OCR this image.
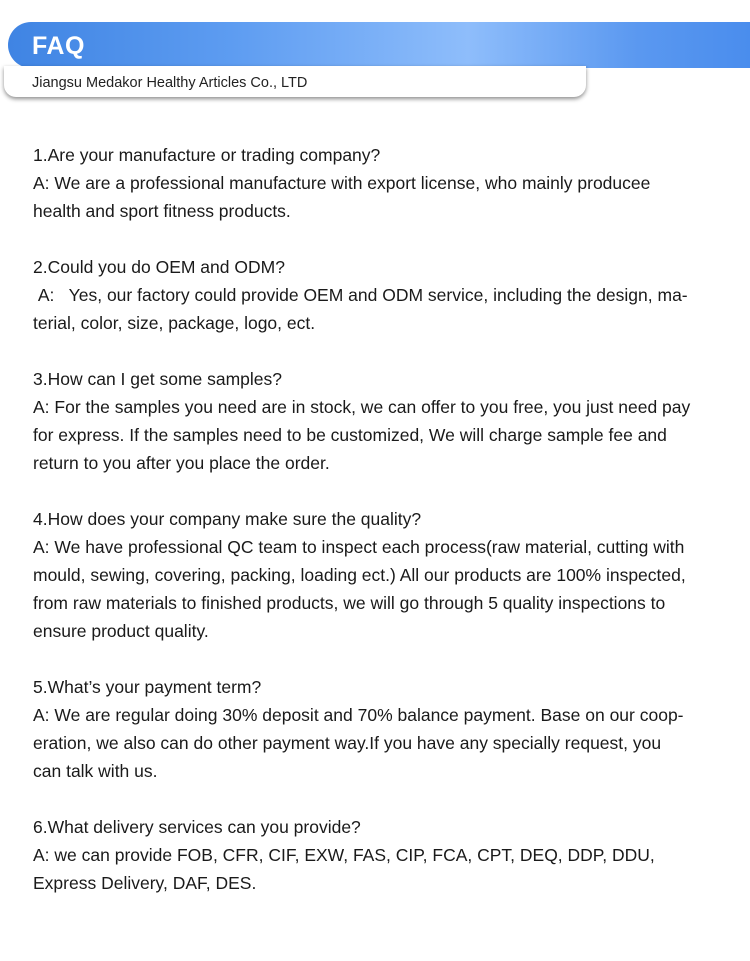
FAQ
Jiangsu Medakor Healthy Articles Co., LTD

1.Are your manufacture or trading company?

A: We are a professional manufacture with export license, who mainly producee
health and sport fitness products.

2.Could you do OEM and ODM?

A:   Yes, our factory could provide OEM and ODM service, including the design, ma-
terial, color, size, package, logo, ect.

3.How can I get some samples?

A: For the samples you need are in stock, we can offer to you free, you just need pay
for express. If the samples need to be customized, We will charge sample fee and
return to you after you place the order.

4.How does your company make sure the quality?

A: We have professional QC team to inspect each process(raw material, cutting with
mould, sewing, covering, packing, loading ect.) All our products are 100% inspected,
from raw materials to finished products, we will go through 5 quality inspections to
ensure product quality.

5.What’s your payment term?

A: We are regular doing 30% deposit and 70% balance payment. Base on our coop-
eration, we also can do other payment way.If you have any specially request, you
can talk with us.

6.What delivery services can you provide?

A: we can provide FOB, CFR, CIF, EXW, FAS, CIP, FCA, CPT, DEQ, DDP, DDU,
Express Delivery, DAF, DES.
